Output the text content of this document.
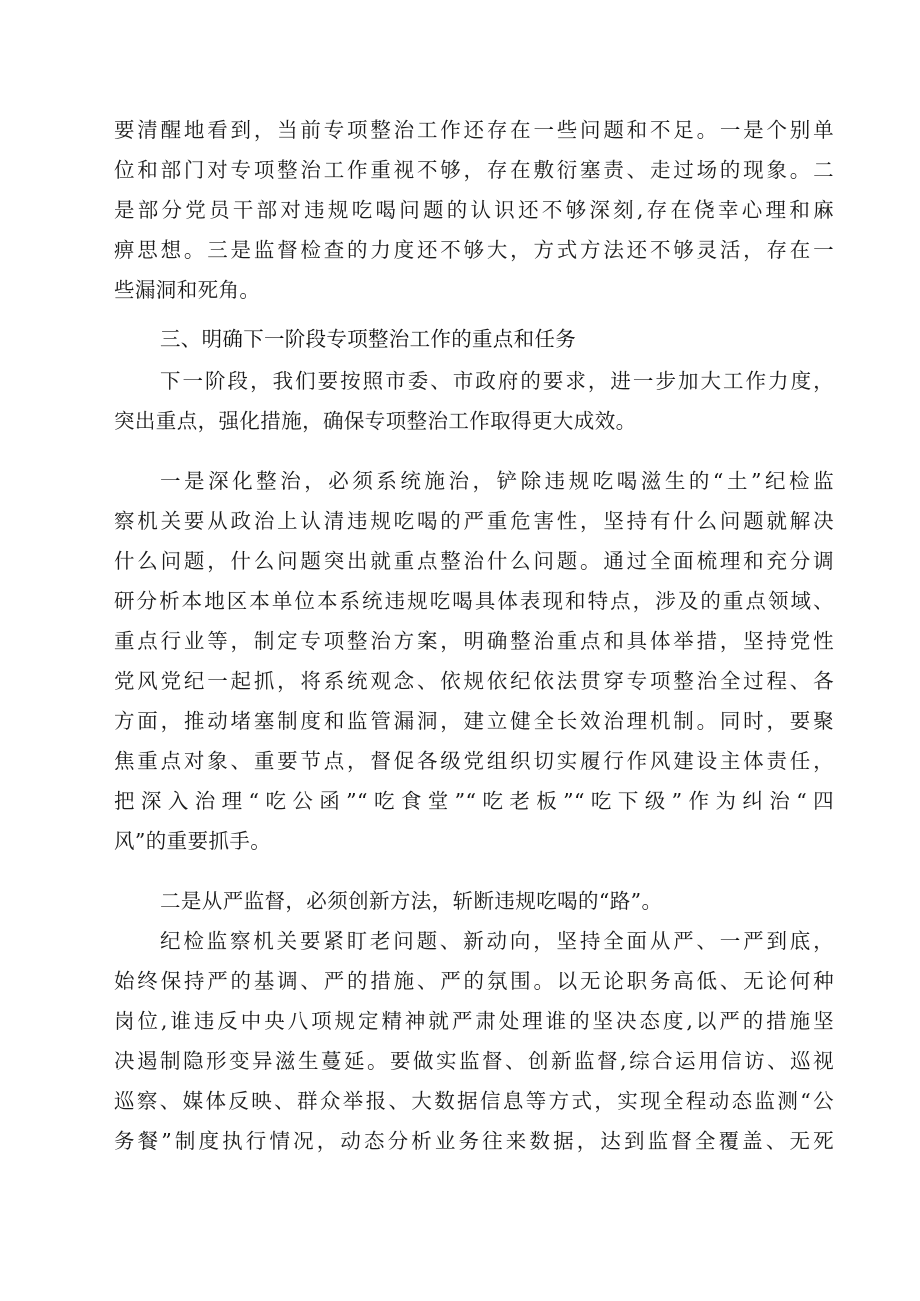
要清醒地看到，当前专项整治工作还存在一些问题和不足。一是个别单
位和部门对专项整治工作重视不够，存在敷衍塞责、走过场的现象。二
是部分党员干部对违规吃喝问题的认识还不够深刻,存在侥幸心理和麻
痹思想。三是监督检查的力度还不够大，方式方法还不够灵活，存在一
些漏洞和死角。
三、明确下一阶段专项整治工作的重点和任务
下一阶段，我们要按照市委、市政府的要求，进一步加大工作力度，
突出重点，强化措施，确保专项整治工作取得更大成效。
一是深化整治，必须系统施治，铲除违规吃喝滋生的“土”纪检监
察机关要从政治上认清违规吃喝的严重危害性，坚持有什么问题就解决
什么问题，什么问题突出就重点整治什么问题。通过全面梳理和充分调
研分析本地区本单位本系统违规吃喝具体表现和特点，涉及的重点领域、
重点行业等，制定专项整治方案，明确整治重点和具体举措，坚持党性
党风党纪一起抓，将系统观念、依规依纪依法贯穿专项整治全过程、各
方面，推动堵塞制度和监管漏洞，建立健全长效治理机制。同时，要聚
焦重点对象、重要节点，督促各级党组织切实履行作风建设主体责任，
把深入治理“吃公函”“吃食堂”“吃老板”“吃下级”作为纠治“四
风”的重要抓手。
二是从严监督，必须创新方法，斩断违规吃喝的“路”。
纪检监察机关要紧盯老问题、新动向，坚持全面从严、一严到底，
始终保持严的基调、严的措施、严的氛围。以无论职务高低、无论何种
岗位,谁违反中央八项规定精神就严肃处理谁的坚决态度,以严的措施坚
决遏制隐形变异滋生蔓延。要做实监督、创新监督,综合运用信访、巡视
巡察、媒体反映、群众举报、大数据信息等方式，实现全程动态监测“公
务餐”制度执行情况，动态分析业务往来数据，达到监督全覆盖、无死
